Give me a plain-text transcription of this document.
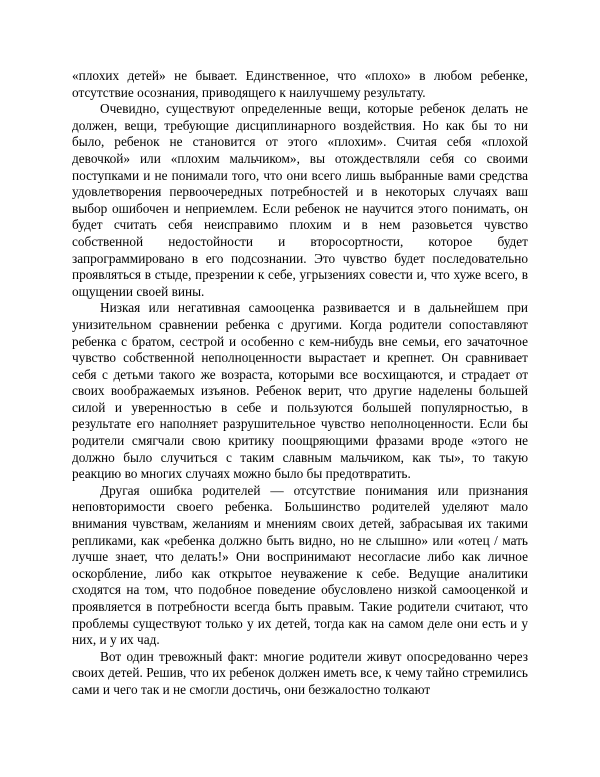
«плохих детей» не бывает. Единственное, что «плохо» в любом ребенке, отсутствие осознания, приводящего к наилучшему результату.

Очевидно, существуют определенные вещи, которые ребенок делать не должен, вещи, требующие дисциплинарного воздействия. Но как бы то ни было, ребенок не становится от этого «плохим». Считая себя «плохой девочкой» или «плохим мальчиком», вы отождествляли себя со своими поступками и не понимали того, что они всего лишь выбранные вами средства удовлетворения первоочередных потребностей и в некоторых случаях ваш выбор ошибочен и неприемлем. Если ребенок не научится этого понимать, он будет считать себя неисправимо плохим и в нем разовьется чувство собственной недостойности и второсортности, которое будет запрограммировано в его подсознании. Это чувство будет последовательно проявляться в стыде, презрении к себе, угрызениях совести и, что хуже всего, в ощущении своей вины.

Низкая или негативная самооценка развивается и в дальнейшем при унизительном сравнении ребенка с другими. Когда родители сопоставляют ребенка с братом, сестрой и особенно с кем-нибудь вне семьи, его зачаточное чувство собственной неполноценности вырастает и крепнет. Он сравнивает себя с детьми такого же возраста, которыми все восхищаются, и страдает от своих воображаемых изъянов. Ребенок верит, что другие наделены большей силой и уверенностью в себе и пользуются большей популярностью, в результате его наполняет разрушительное чувство неполноценности. Если бы родители смягчали свою критику поощряющими фразами вроде «этого не должно было случиться с таким славным мальчиком, как ты», то такую реакцию во многих случаях можно было бы предотвратить.

Другая ошибка родителей — отсутствие понимания или признания неповторимости своего ребенка. Большинство родителей уделяют мало внимания чувствам, желаниям и мнениям своих детей, забрасывая их такими репликами, как «ребенка должно быть видно, но не слышно» или «отец / мать лучше знает, что делать!» Они воспринимают несогласие либо как личное оскорбление, либо как открытое неуважение к себе. Ведущие аналитики сходятся на том, что подобное поведение обусловлено низкой самооценкой и проявляется в потребности всегда быть правым. Такие родители считают, что проблемы существуют только у их детей, тогда как на самом деле они есть и у них, и у их чад.

Вот один тревожный факт: многие родители живут опосредованно через своих детей. Решив, что их ребенок должен иметь все, к чему тайно стремились сами и чего так и не смогли достичь, они безжалостно толкают
